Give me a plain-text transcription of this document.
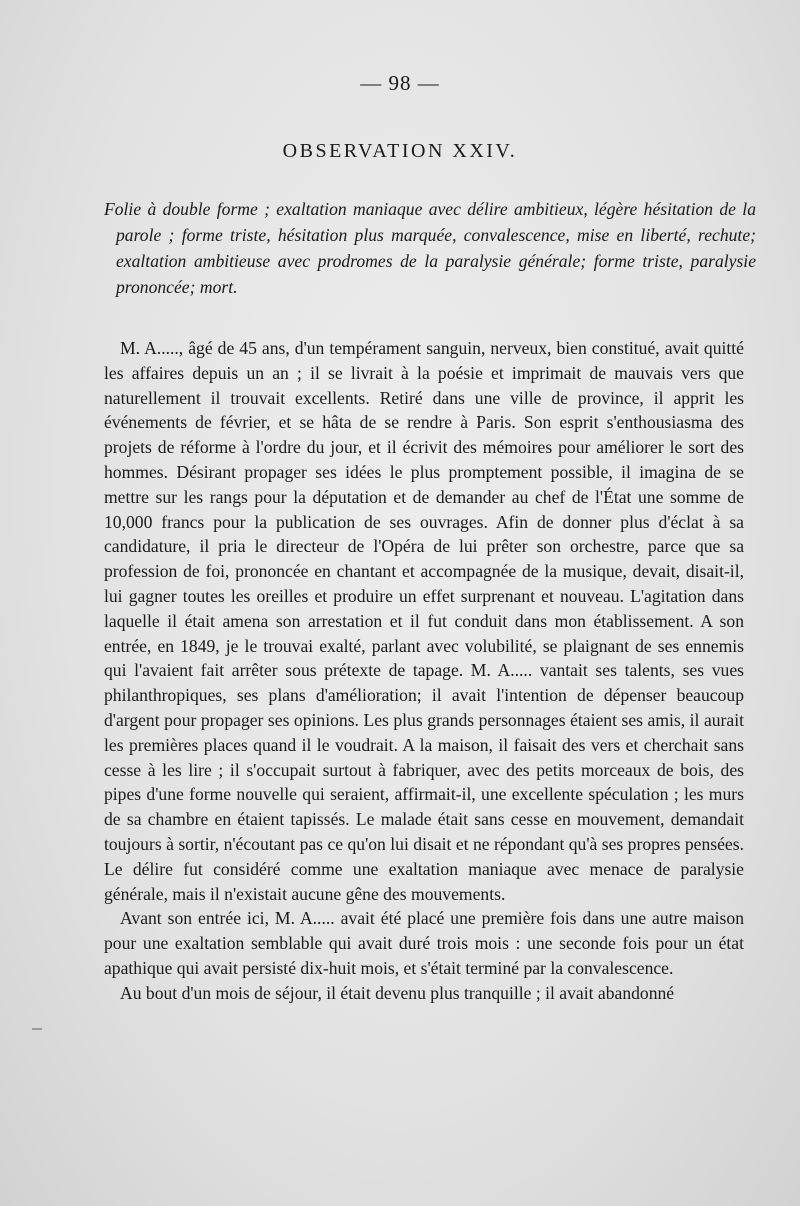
— 98 —
OBSERVATION XXIV.

Folie à double forme ; exaltation maniaque avec délire ambitieux, légère hésitation de la parole ; forme triste, hésitation plus marquée, convalescence, mise en liberté, rechute; exaltation ambitieuse avec prodromes de la paralysie générale; forme triste, paralysie prononcée; mort.

M. A....., âgé de 45 ans, d'un tempérament sanguin, nerveux, bien constitué, avait quitté les affaires depuis un an ; il se livrait à la poésie et imprimait de mauvais vers que naturellement il trouvait excellents. Retiré dans une ville de province, il apprit les événements de février, et se hâta de se rendre à Paris. Son esprit s'enthousiasma des projets de réforme à l'ordre du jour, et il écrivit des mémoires pour améliorer le sort des hommes. Désirant propager ses idées le plus promptement possible, il imagina de se mettre sur les rangs pour la députation et de demander au chef de l'État une somme de 10,000 francs pour la publication de ses ouvrages. Afin de donner plus d'éclat à sa candidature, il pria le directeur de l'Opéra de lui prêter son orchestre, parce que sa profession de foi, prononcée en chantant et accompagnée de la musique, devait, disait-il, lui gagner toutes les oreilles et produire un effet surprenant et nouveau. L'agitation dans laquelle il était amena son arrestation et il fut conduit dans mon établissement. A son entrée, en 1849, je le trouvai exalté, parlant avec volubilité, se plaignant de ses ennemis qui l'avaient fait arrêter sous prétexte de tapage. M. A..... vantait ses talents, ses vues philanthropiques, ses plans d'amélioration; il avait l'intention de dépenser beaucoup d'argent pour propager ses opinions. Les plus grands personnages étaient ses amis, il aurait les premières places quand il le voudrait. A la maison, il faisait des vers et cherchait sans cesse à les lire ; il s'occupait surtout à fabriquer, avec des petits morceaux de bois, des pipes d'une forme nouvelle qui seraient, affirmait-il, une excellente spéculation ; les murs de sa chambre en étaient tapissés. Le malade était sans cesse en mouvement, demandait toujours à sortir, n'écoutant pas ce qu'on lui disait et ne répondant qu'à ses propres pensées. Le délire fut considéré comme une exaltation maniaque avec menace de paralysie générale, mais il n'existait aucune gêne des mouvements.

Avant son entrée ici, M. A..... avait été placé une première fois dans une autre maison pour une exaltation semblable qui avait duré trois mois : une seconde fois pour un état apathique qui avait persisté dix-huit mois, et s'était terminé par la convalescence.

Au bout d'un mois de séjour, il était devenu plus tranquille ; il avait abandonné
